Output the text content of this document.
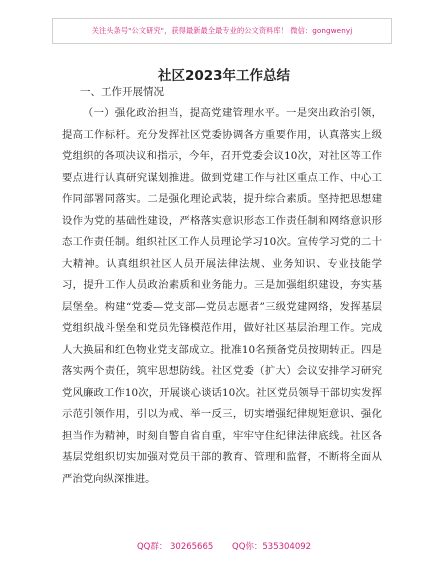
关注头条号"公文研究"，获得最新最全最专业的公文资料库！ 微信：gongwenyj
社区2023年工作总结
一、工作开展情况
（一）强化政治担当，提高党建管理水平。一是突出政治引领，提高工作标杆。充分发挥社区党委协调各方重要作用，认真落实上级党组织的各项决议和指示，今年，召开党委会议10次，对社区等工作要点进行认真研究谋划推进。做到党建工作与社区重点工作、中心工作同部署同落实。二是强化理论武装，提升综合素质。坚持把思想建设作为党的基础性建设，严格落实意识形态工作责任制和网络意识形态工作责任制。组织社区工作人员理论学习10次。宣传学习党的二十大精神。认真组织社区人员开展法律法规、业务知识、专业技能学习，提升工作人员政治素质和业务能力。三是加强组织建设，夯实基层堡垒。构建“党委—党支部—党员志愿者”三级党建网络，发挥基层党组织战斗堡垒和党员先锋模范作用，做好社区基层治理工作。完成人大换届和红色物业党支部成立。批准10名预备党员按期转正。四是落实两个责任，筑牢思想防线。社区党委（扩大）会议安排学习研究党风廉政工作10次，开展谈心谈话10次。社区党员领导干部切实发挥示范引领作用，引以为戒、举一反三，切实增强纪律规矩意识、强化担当作为精神，时刻自警自省自重，牢牢守住纪律法律底线。社区各基层党组织切实加强对党员干部的教育、管理和监督，不断将全面从严治党向纵深推进。
QQ群： 30265665 QQ你：535304092
